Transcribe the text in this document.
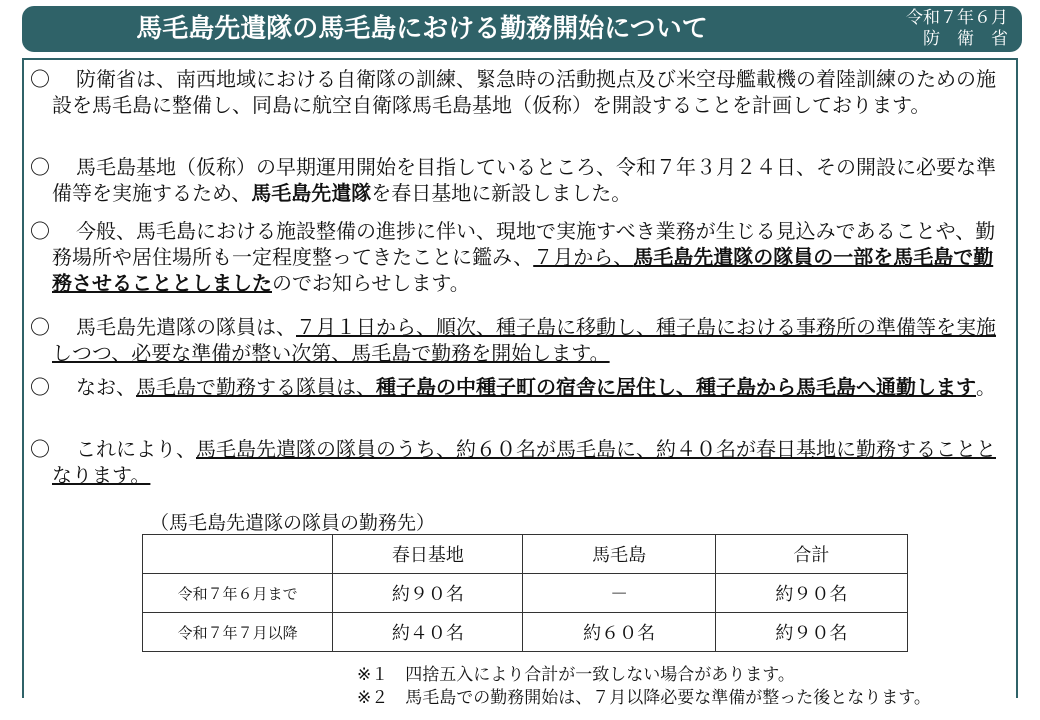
馬毛島先遣隊の馬毛島における勤務開始について	令和７年６月
防　衛　省
〇	防衛省は、南西地域における自衛隊の訓練、緊急時の活動拠点及び米空母艦載機の着陸訓練のための施設を馬毛島に整備し、同島に航空自衛隊馬毛島基地（仮称）を開設することを計画しております。
〇	馬毛島基地（仮称）の早期運用開始を目指しているところ、令和７年３月２４日、その開設に必要な準備等を実施するため、馬毛島先遣隊を春日基地に新設しました。
〇	今般、馬毛島における施設整備の進捗に伴い、現地で実施すべき業務が生じる見込みであることや、勤務場所や居住場所も一定程度整ってきたことに鑑み、７月から、馬毛島先遣隊の隊員の一部を馬毛島で勤務させることとしましたのでお知らせします。
〇	馬毛島先遣隊の隊員は、７月１日から、順次、種子島に移動し、種子島における事務所の準備等を実施しつつ、必要な準備が整い次第、馬毛島で勤務を開始します。
〇	なお、馬毛島で勤務する隊員は、種子島の中種子町の宿舎に居住し、種子島から馬毛島へ通勤します。
〇	これにより、馬毛島先遣隊の隊員のうち、約６０名が馬毛島に、約４０名が春日基地に勤務することとなります。
（馬毛島先遣隊の隊員の勤務先）
	春日基地	馬毛島	合計
令和７年６月まで	約９０名	－	約９０名
令和７年７月以降	約４０名	約６０名	約９０名
※１　四捨五入により合計が一致しない場合があります。
※２　馬毛島での勤務開始は、７月以降必要な準備が整った後となります。
